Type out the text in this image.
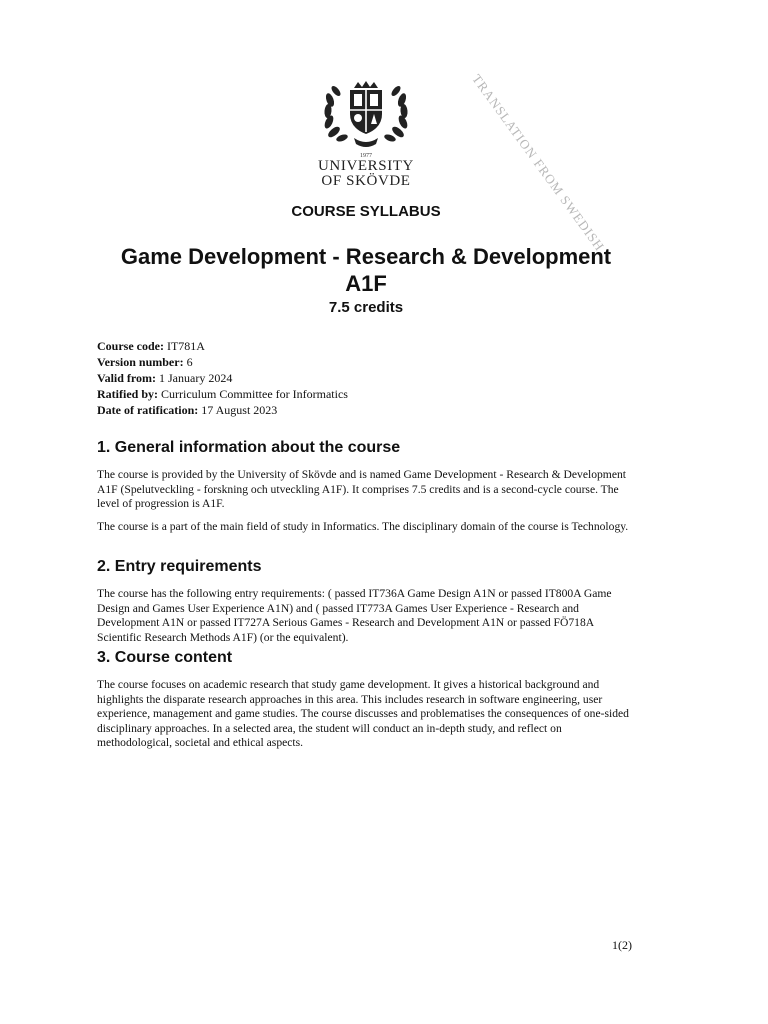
TRANSLATION FROM SWEDISH
1977
UNIVERSITY
OF SKÖVDE
COURSE SYLLABUS
Game Development - Research & Development A1F
7.5 credits
Course code: IT781A
Version number: 6
Valid from: 1 January 2024
Ratified by: Curriculum Committee for Informatics
Date of ratification: 17 August 2023
1. General information about the course

The course is provided by the University of Skövde and is named Game Development - Research & Development A1F (Spelutveckling - forskning och utveckling A1F). It comprises 7.5 credits and is a second-cycle course. The level of progression is A1F.

The course is a part of the main field of study in Informatics. The disciplinary domain of the course is Technology.

2. Entry requirements

The course has the following entry requirements: ( passed IT736A Game Design A1N or passed IT800A Game Design and Games User Experience A1N) and ( passed IT773A Games User Experience - Research and Development A1N or passed IT727A Serious Games - Research and Development A1N or passed FÖ718A Scientific Research Methods A1F) (or the equivalent).

3. Course content

The course focuses on academic research that study game development. It gives a historical background and highlights the disparate research approaches in this area. This includes research in software engineering, user experience, management and game studies. The course discusses and problematises the consequences of one-sided disciplinary approaches. In a selected area, the student will conduct an in-depth study, and reflect on methodological, societal and ethical aspects.

1(2)
